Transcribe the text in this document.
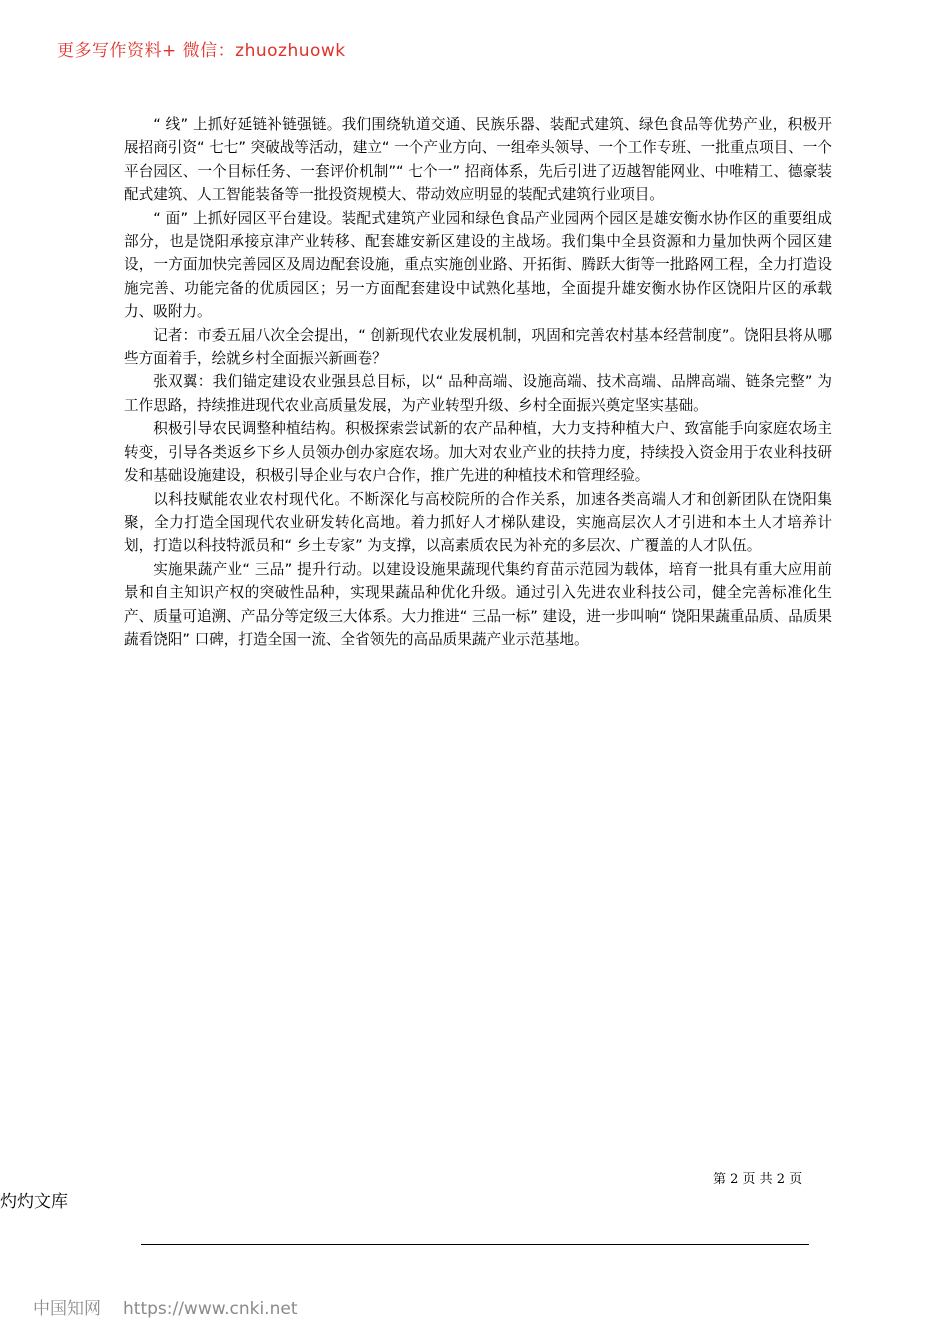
更多写作资料+ 微信：zhuozhuowk

“ 线” 上抓好延链补链强链。我们围绕轨道交通、民族乐器、装配式建筑、绿色食品等优势产业，积极开展招商引资“ 七七” 突破战等活动，建立“ 一个产业方向、一组牵头领导、一个工作专班、一批重点项目、一个平台园区、一个目标任务、一套评价机制”“ 七个一” 招商体系，先后引进了迈越智能网业、中唯精工、德豪装配式建筑、人工智能装备等一批投资规模大、带动效应明显的装配式建筑行业项目。

“ 面” 上抓好园区平台建设。装配式建筑产业园和绿色食品产业园两个园区是雄安衡水协作区的重要组成部分，也是饶阳承接京津产业转移、配套雄安新区建设的主战场。我们集中全县资源和力量加快两个园区建设，一方面加快完善园区及周边配套设施，重点实施创业路、开拓街、腾跃大街等一批路网工程，全力打造设施完善、功能完备的优质园区；另一方面配套建设中试熟化基地，全面提升雄安衡水协作区饶阳片区的承载力、吸附力。

记者：市委五届八次全会提出，“ 创新现代农业发展机制，巩固和完善农村基本经营制度”。饶阳县将从哪些方面着手，绘就乡村全面振兴新画卷？

张双翼：我们锚定建设农业强县总目标，以“ 品种高端、设施高端、技术高端、品牌高端、链条完整” 为工作思路，持续推进现代农业高质量发展，为产业转型升级、乡村全面振兴奠定坚实基础。

积极引导农民调整种植结构。积极探索尝试新的农产品种植，大力支持种植大户、致富能手向家庭农场主转变，引导各类返乡下乡人员领办创办家庭农场。加大对农业产业的扶持力度，持续投入资金用于农业科技研发和基础设施建设，积极引导企业与农户合作，推广先进的种植技术和管理经验。

以科技赋能农业农村现代化。不断深化与高校院所的合作关系，加速各类高端人才和创新团队在饶阳集聚，全力打造全国现代农业研发转化高地。着力抓好人才梯队建设，实施高层次人才引进和本土人才培养计划，打造以科技特派员和“ 乡土专家” 为支撑，以高素质农民为补充的多层次、广覆盖的人才队伍。

实施果蔬产业“ 三品” 提升行动。以建设设施果蔬现代集约育苗示范园为载体，培育一批具有重大应用前景和自主知识产权的突破性品种，实现果蔬品种优化升级。通过引入先进农业科技公司，健全完善标准化生产、质量可追溯、产品分等定级三大体系。大力推进“ 三品一标” 建设，进一步叫响“ 饶阳果蔬重品质、品质果蔬看饶阳” 口碑，打造全国一流、全省领先的高品质果蔬产业示范基地。

第 2 页 共 2 页
灼灼文库
中国知网 https://www.cnki.net
